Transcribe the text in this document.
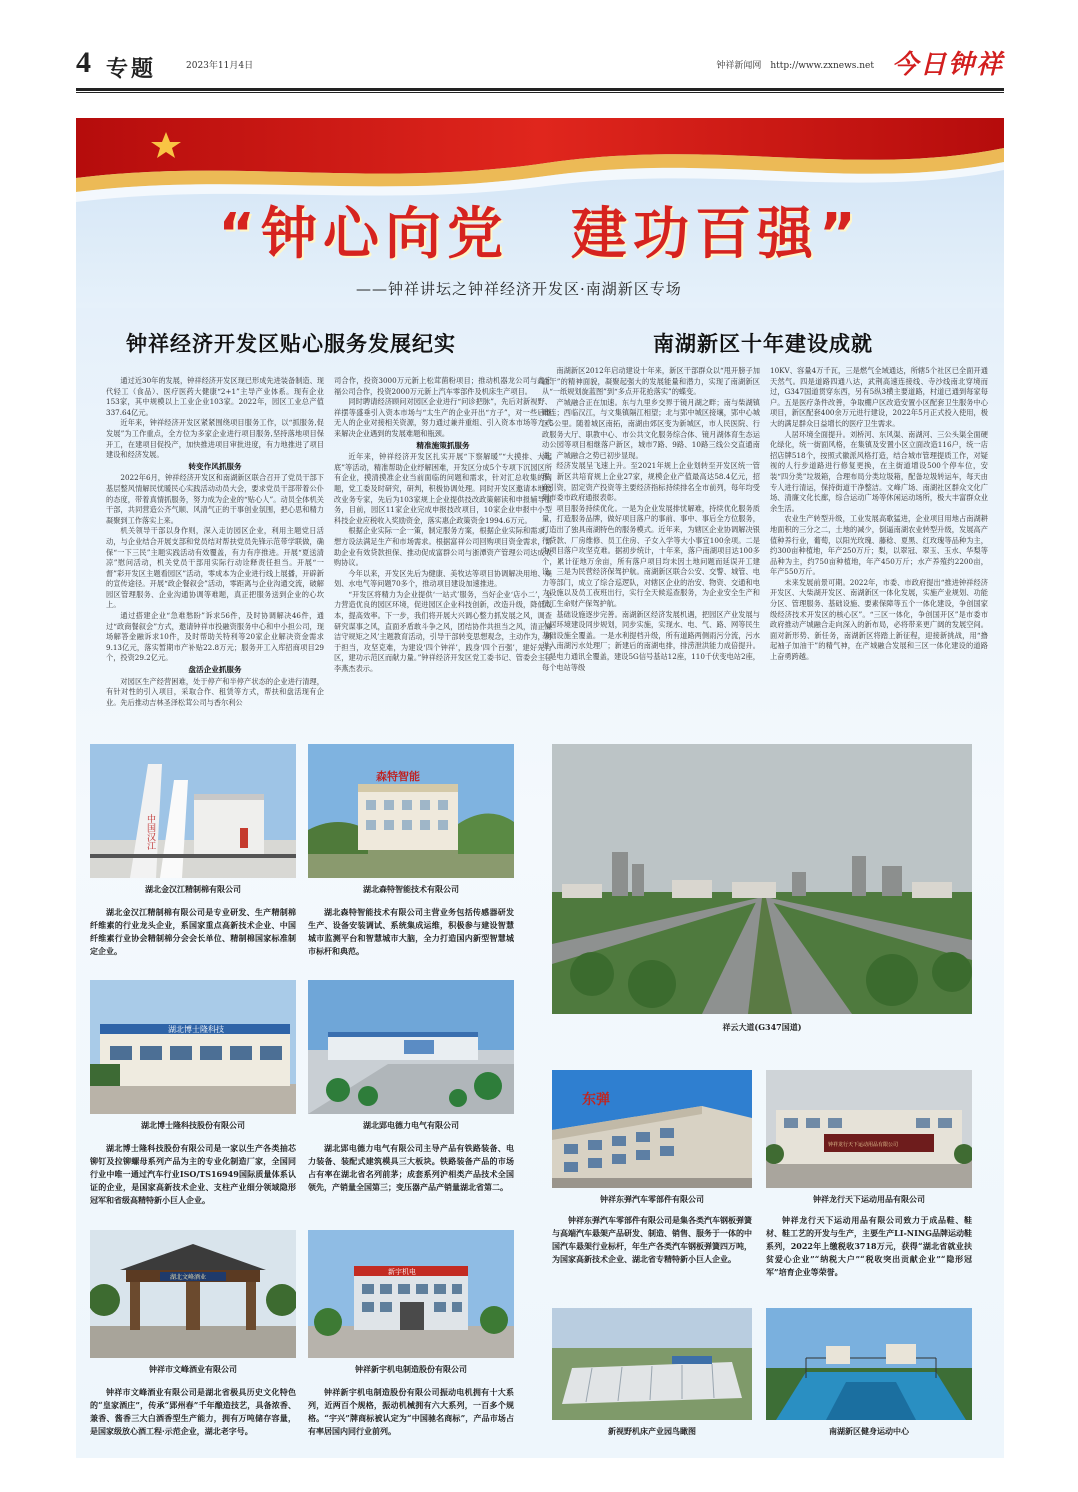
4 专题	2023年11月4日	钟祥新闻网　http://www.zxnews.net 今日钟祥
“钟心向党　建功百强”
——钟祥讲坛之钟祥经济开发区·南湖新区专场
钟祥经济开发区贴心服务发展纪实

通过近30年的发展，钟祥经济开发区现已形成先进装备制造、现代轻工（食品）、医疗医药大健康“2+1”主导产业体系。现有企业153家，其中规模以上工业企业103家。2022年，园区工业总产值337.64亿元。

近年来，钟祥经济开发区紧紧围绕项目服务工作，以“抓服务,促发展”为工作重点，全方位为多家企业进行项目服务,坚持落地项目保开工，在建项目促投产，加快推进项目审批进度，有力地推进了项目建设和经济发展。

转变作风抓服务

2022年6月，钟祥经济开发区和南湖新区联合召开了党员干部下基层整风情解民忧暖民心实践活动动员大会，要求党员干部带着公仆的态度，带着真情抓服务，努力成为企业的“贴心人”。动员全体机关干部，共同营造公齐气顺、风清气正的干事创业氛围，把心思和精力凝聚到工作落实上来。

机关领导干部以身作则，深入走访园区企业，利用主题党日活动，与企业结合开展支部和党员结对帮扶党员先锋示范带学联做，确保“一下三民”主题实践活动有效覆盖，有力有序推进。开展“夏送清凉”慰问活动，机关党员干部用实际行动诠释责任担当。开展“一督”彩开发区主题看园区”活动，零成本为企业进行线上展播，开辟新的宣传途径。开展“政企餐叙会”活动，零距离与企业沟通交流，破解园区管理服务、企业沟通协调等难题，真正把服务送到企业的心坎上。

通过搭建企业“急难愁盼”诉求56件，及时协调解决46件，通过“政商餐叙会”方式，邀请钟祥市投融资服务中心和中小担公司，现场解答金融诉求10件，及时帮助关特利等20家企业解决资金需求9.13亿元，落实暂期市产补贴22.8万元；服务开工入库招商项目29个，投资29.2亿元。

盘活企业抓服务

对园区生产经营困难，处于停产和半停产状态的企业进行清理，有针对性的引入项目，采取合作、租赁等方式，帮扶和盘活现有企业。先后推动吉林圣泽松茸公司与香尔利公

司合作，投资3000万元新上松茸菌粉项目；推动机器龙公司与鑫宏福公司合作，投资2000万元新上汽车零部件及机床生产项目。

同时聘请经济顾问对园区企业进行“问诊把脉”，先后对新视野、祥摆等盛垂引入资本市场与“太生产的企业开出“方子”，对一些后继无人的企业对接相关资源，努力通过兼并重组、引入资本市场等方式来解决企业遇到的发展难题和瓶颈。

精准施策抓服务

近年来，钟祥经济开发区扎实开展“下察解暖”“大摸排、大起底”等活动，精准帮助企业纾解困难，开发区分成5个专项下沉园区所有企业，摸清摸准企业当前面临的问题和需求，针对汇总收集的问题，党工委及时研究，研判，积极协调处理。同时开发区邀请本地技改业务专家，先后为103家规上企业提供技改政策解读和申报辅导服务，目前，园区11家企业完成申报技改项目，10家企业申报中小型科技企业应税收入奖励资金，落实惠企政策资金1994.6万元。

根据企业实际一企一策，制定服务方案，根据企业实际和需求，想方设法满足生产和市场需求。根据富祥公司回购项目资金需求，帮助企业有效贷款担保、推动促成富群公司与浙潭资产管理公司达成收购协议。

今年以来，开发区先后为健康、美牧达等项目协调解决用地、规划、水电气等问题70多个，推动项目建设加速推进。

“开发区将精力为企业提供‘一站式’服务，当好企业‘店小二’，全力营造优良的园区环境，促进园区企业科技创新，改造升级，降低成本，提高效率。下一步，我们将开展大兴调心整力抓发展之风，调查研究谋事之风，直面矛盾敢斗争之风，团结协作共担当之风，清正廉洁守规矩之风’主题教育活动，引导干部转变思想观念，主动作为，勇于担当，攻坚克难，为建设‘四个钟祥’，践身‘四个百强’，建好先行区，建功示范区而献力量。”钟祥经济开发区党工委书记、管委会主任李燕杰表示。

南湖新区十年建设成就

南湖新区2012年启动建设十年来，新区干部群众以“甩开膀子加油干”的精神面貌，凝聚起强大的发展能量和潜力，实现了南湖新区从“一纸规划旋蓝图”到“多点开花抢落实”的蝶变。

产城融合正在加速。东与九里乡交界于镜月湖之畔；南与柴湖镇毗连；西临汉江，与文集镇隔江相望；北与郢中城区接壤，郢中心城区5公里。随着城区南拓，南湖由郊区变为新城区，市人民医院、行政服务大厅、职教中心、市公共文化服务综合体、镜月湖体育生态运动公园等项目相继落户新区，城市7路、9路、10路三线公交直通南湖，产城融合之势已初步显现。

经济发展呈飞速上升。至2021年规上企业划转至开发区统一管理，新区共培育规上企业27家，规模企业产值最高达58.4亿元，招商引资，固定资产投资等主要经济指标持续排名全市前列，每年均受到市委市政府通报表彰。

项目服务持续优化。一是为企业发展排忧解难，持续优化服务质量，打造服务品牌，做好项目落户的事前、事中、事后全方位服务，打造出了独具南湖特色的服务模式。近年来，为辖区企业协调解决银行贷款、厂房维修、员工住房、子女入学等大小事宜100余项。二是为项目落户攻坚克难。据初步统计，十年来，落户南湖项目达100多个，累计征地万余亩，所有落户项目均未因土地问题而延误开工建设。三是为民营经济保驾护航。南湖新区联合公安、交警、城管、电力等部门，成立了综合巡逻队，对辖区企业的治安、物资、交通和电力设施以及员工夜班出行，实行全天候巡查服务，为企业安全生产和员工生命财产保驾护航。

基础设施逐步完善。南湖新区经济发展机遇，把园区产业发展与人居环境建设同步规划，同步实施，实现水、电、气、路、网等民生基础设施全覆盖。一是水利提档升级，所有道路两侧雨污分流，污水进入南湖污水处理厂；新建后的南湖电排，排涝泄洪能力成倍提升。二是电力通讯全覆盖，建设5G信号基站12座，110千伏变电站2座，每个电站等级

10KV、容量4万千瓦，三是燃气全域通达，所辖5个社区已全面开通天然气。四是道路四通八达，武荆高速连接线、寺沙线南北穿境而过，G347国道贯穿东西，另有5纵3横主要道路，村道已通到每家每户。五是医疗条件改善，争取棚户区改造安置小区配套卫生服务中心项目，新区配套400余万元进行建设，2022年5月正式投入使用，极大的满足群众日益增长的医疗卫生需求。

人居环境全面提升。刘桥河、东风渠、南湖河、三公头渠全面硬化绿化，统一街面风格，在集镇及安置小区立面改造116户，统一店招店牌518个，按照式徽派风格打造，结合城市管理提质工作，对疑视的人行步道路进行修复更换，在主街道增设500个停车位，安装“四分类”垃圾箱，合理布局分类垃圾箱，配备垃圾转运车，每天由专人进行清运，保持街道干净整洁。文峰广场、南湖社区群众文化广场、清廉文化长廊，综合运动广场等休闲运动场所，极大丰富群众业余生活。

农业生产转型升级，工业发展高歌猛进，企业项目用地占南湖耕地面积的三分之二，土地的减少，倒逼南湖农业转型升级，发展高产值种养行业，葡萄，以阳光玫瑰、藤稔、夏黑、红玫瑰等品种为主，约300亩种植地，年产250万斤；梨，以翠冠、翠玉、玉水、华梨等品种为主，约750亩种植地，年产450万斤；水产养殖约2200亩，年产550万斤。

未来发展前景可期。2022年，市委、市政府提出“推进钟祥经济开发区、大柴湖开发区、南湖新区一体化发展，实施产业规划、功能分区、管理服务、基础设施、要素保障等五个一体化建设，争创国家级经济技术开发区的核心区”。“三区一体化，争创国开区”是市委市政府推动产城融合走向深入的新布局，必将带来更广阔的发展空间。面对新形势、新任务，南湖新区将踏上新征程，迎接新挑战，用“撸起袖子加油干”的精气神，在产城融合发展和三区一体化建设的道路上奋勇跨越。

中国汉江
湖北金汉江精制棉有限公司
湖北金汉江精制棉有限公司是专业研发、生产精制棉纤维素的行业龙头企业，系国家重点高新技术企业、中国纤维素行业协会精制棉分会会长单位、精制棉国家标准制定企业。
森特智能
湖北森特智能技术有限公司
湖北森特智能技术有限公司主营业务包括传感器研发生产、设备安装调试、系统集成运维，积极参与建设智慧城市监测平台和智慧城市大脑，全力打造国内新型智慧城市标杆和典范。
湖北博士隆科技
湖北博士隆科技股份有限公司
湖北博士隆科技股份有限公司是一家以生产各类抽芯铆钉及拉铆螺母系列产品为主的专业化制造厂家，全国同行业中唯一通过汽车行业ISO/TS16949国际质量体系认证的企业，是国家高新技术企业、支柱产业细分领域隐形冠军和省级高精特新小巨人企业。
湖北郢电德力电气有限公司
湖北郢电德力电气有限公司主导产品有铁路装备、电力装备、装配式建筑模具三大板块。铁路装备产品的市场占有率在湖北省名列前茅；成套系列沪相类产品技术全国领先，产销量全国第三；变压器产品产销量湖北省第二。
湖北文峰酒业
钟祥市文峰酒业有限公司
钟祥市文峰酒业有限公司是湖北省极具历史文化特色的“皇家酒庄”，传承“郢州春”千年酿造技艺，具备浓香、兼香、酱香三大白酒香型生产能力，拥有万吨储存容量，是国家级放心酒工程·示范企业，湖北老字号。
新宇机电
钟祥新宇机电制造股份有限公司
钟祥新宇机电制造股份有限公司振动电机拥有十大系列，近两百个规格，振动机械拥有六大系列，一百多个规格。“宇兴”牌商标被认定为“中国驰名商标”，产品市场占有率居国内同行业前列。
祥云大道(G347国道)
东弹
钟祥东弹汽车零部件有限公司
钟祥东弹汽车零部件有限公司是集各类汽车钢板弹簧与高端汽车悬架产品研发、制造、销售、服务于一体的中国汽车悬架行业标杆，年生产各类汽车钢板弹簧四万吨，为国家高新技术企业、湖北省专精特新小巨人企业。
钟祥龙行天下运动用品有限公司
钟祥龙行天下运动用品有限公司
钟祥龙行天下运动用品有限公司致力于成品鞋、鞋材、鞋工艺的开发与生产，主要生产LI-NING品牌运动鞋系列，2022年上缴税收3718万元，获得“湖北省就业扶贫爱心企业”“纳税大户”“税收突出贡献企业”“隐形冠军”培育企业等荣誉。
新视野机床产业园鸟瞰图	南湖新区健身运动中心
